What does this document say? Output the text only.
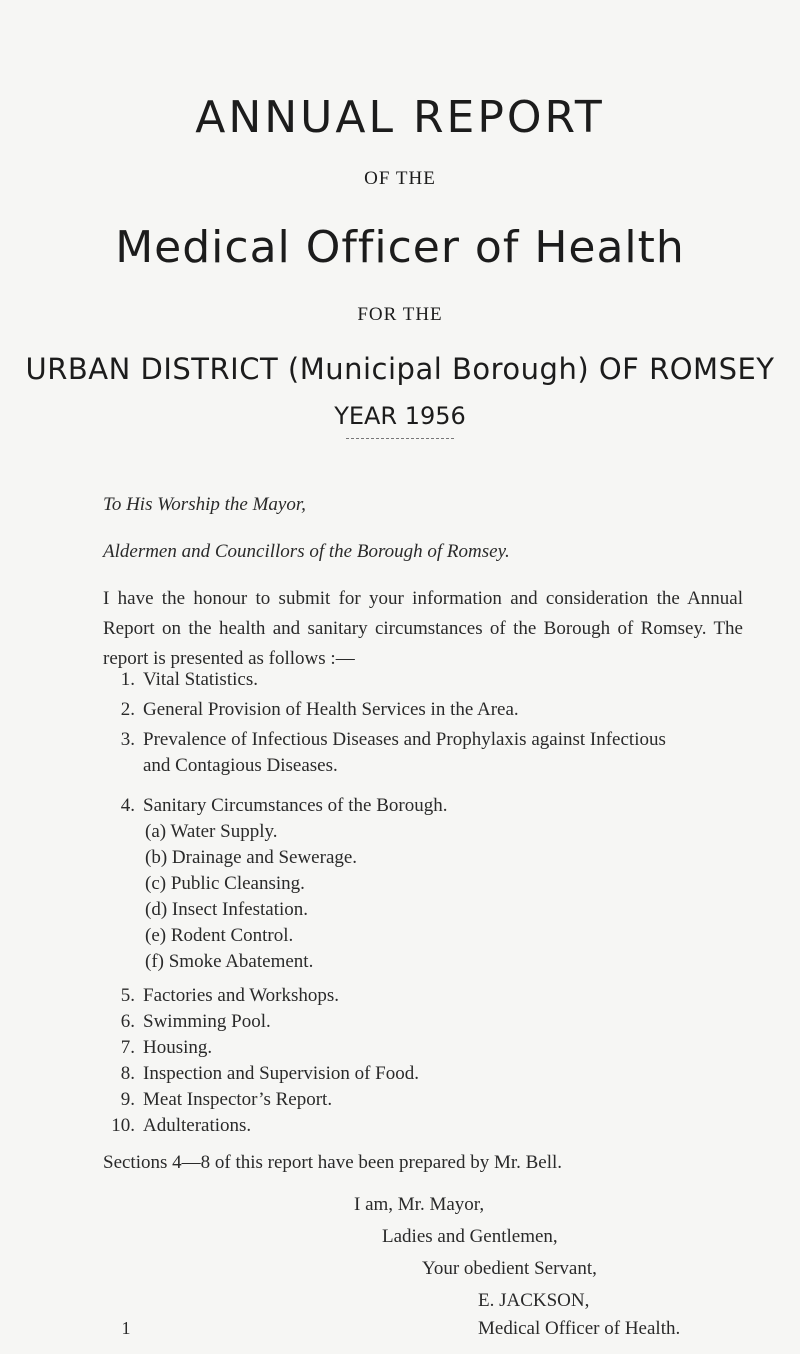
ANNUAL REPORT
OF THE
Medical Officer of Health
FOR THE
URBAN DISTRICT (Municipal Borough) OF ROMSEY
YEAR 1956
To His Worship the Mayor,
Aldermen and Councillors of the Borough of Romsey.
I have the honour to submit for your information and consideration the Annual Report on the health and sanitary circumstances of the Borough of Romsey. The report is presented as follows :—
1. Vital Statistics.
2. General Provision of Health Services in the Area.
3. Prevalence of Infectious Diseases and Prophylaxis against Infectious
and Contagious Diseases.
4. Sanitary Circumstances of the Borough.
(a) Water Supply.
(b) Drainage and Sewerage.
(c) Public Cleansing.
(d) Insect Infestation.
(e) Rodent Control.
(f) Smoke Abatement.
5. Factories and Workshops.
6. Swimming Pool.
7. Housing.
8. Inspection and Supervision of Food.
9. Meat Inspector’s Report.
10. Adulterations.
Sections 4—8 of this report have been prepared by Mr. Bell.
I am, Mr. Mayor,
Ladies and Gentlemen,
Your obedient Servant,
E. JACKSON,
Medical Officer of Health.
1
